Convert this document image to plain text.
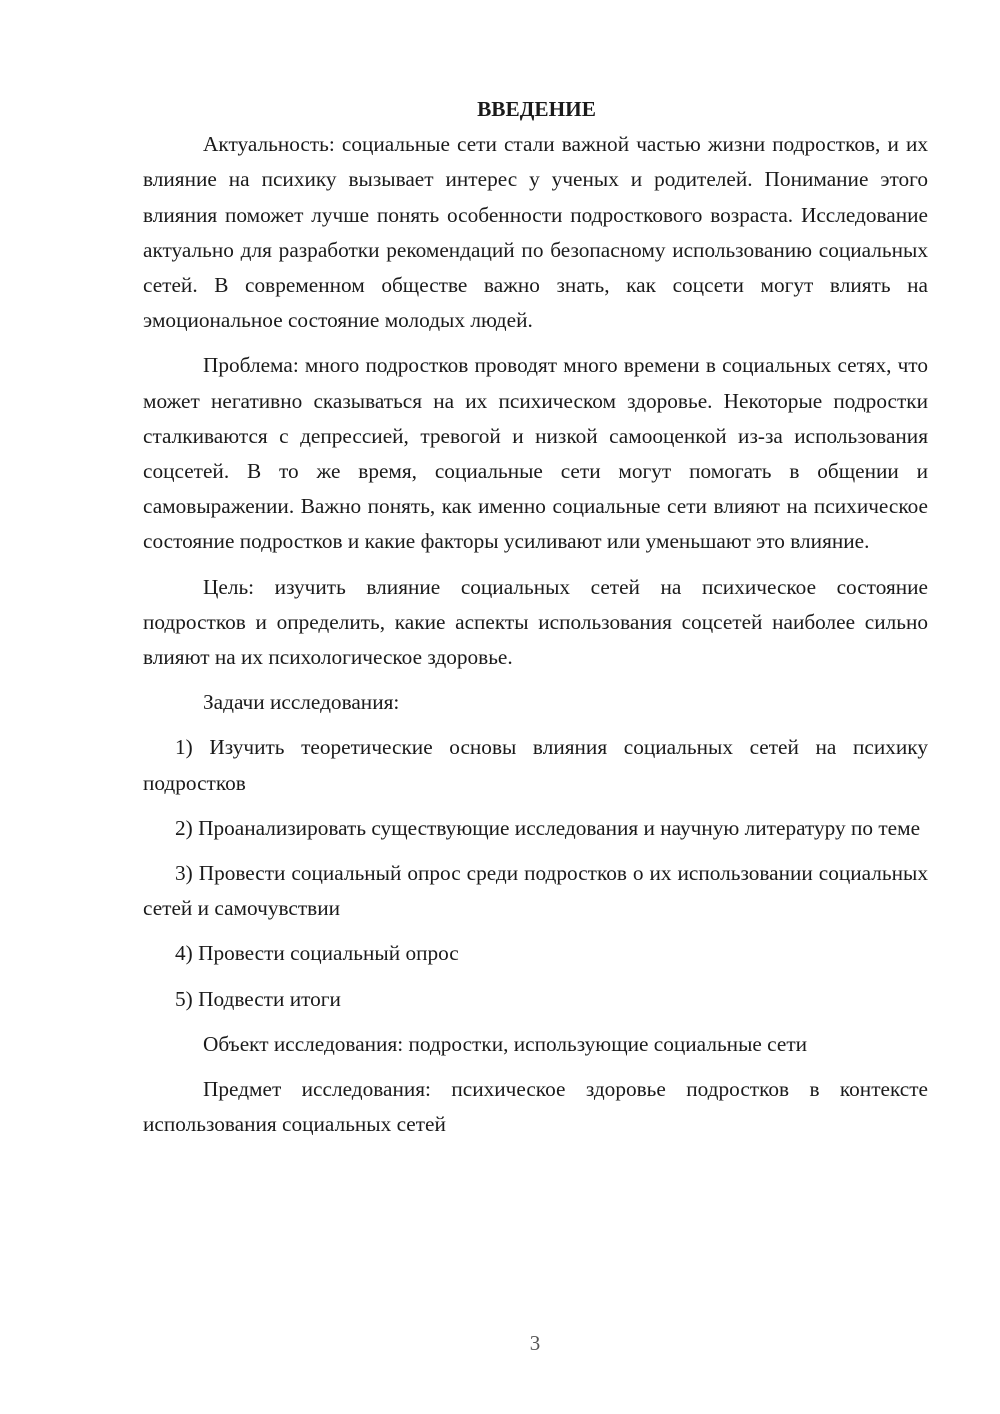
ВВЕДЕНИЕ

Актуальность: социальные сети стали важной частью жизни подростков, и их влияние на психику вызывает интерес у ученых и родителей. Понимание этого влияния поможет лучше понять особенности подросткового возраста. Исследование актуально для разработки рекомендаций по безопасному использованию социальных сетей. В современном обществе важно знать, как соцсети могут влиять на эмоциональное состояние молодых людей.

Проблема: много подростков проводят много времени в социальных сетях, что может негативно сказываться на их психическом здоровье. Некоторые подростки сталкиваются с депрессией, тревогой и низкой самооценкой из-за использования соцсетей. В то же время, социальные сети могут помогать в общении и самовыражении. Важно понять, как именно социальные сети влияют на психическое состояние подростков и какие факторы усиливают или уменьшают это влияние.

Цель: изучить влияние социальных сетей на психическое состояние подростков и определить, какие аспекты использования соцсетей наиболее сильно влияют на их психологическое здоровье.

Задачи исследования:

1) Изучить теоретические основы влияния социальных сетей на психику подростков

2) Проанализировать существующие исследования и научную литературу по теме

3) Провести социальный опрос среди подростков о их использовании социальных сетей и самочувствии

4) Провести социальный опрос

5) Подвести итоги

Объект исследования: подростки, использующие социальные сети

Предмет исследования: психическое здоровье подростков в контексте использования социальных сетей

3
